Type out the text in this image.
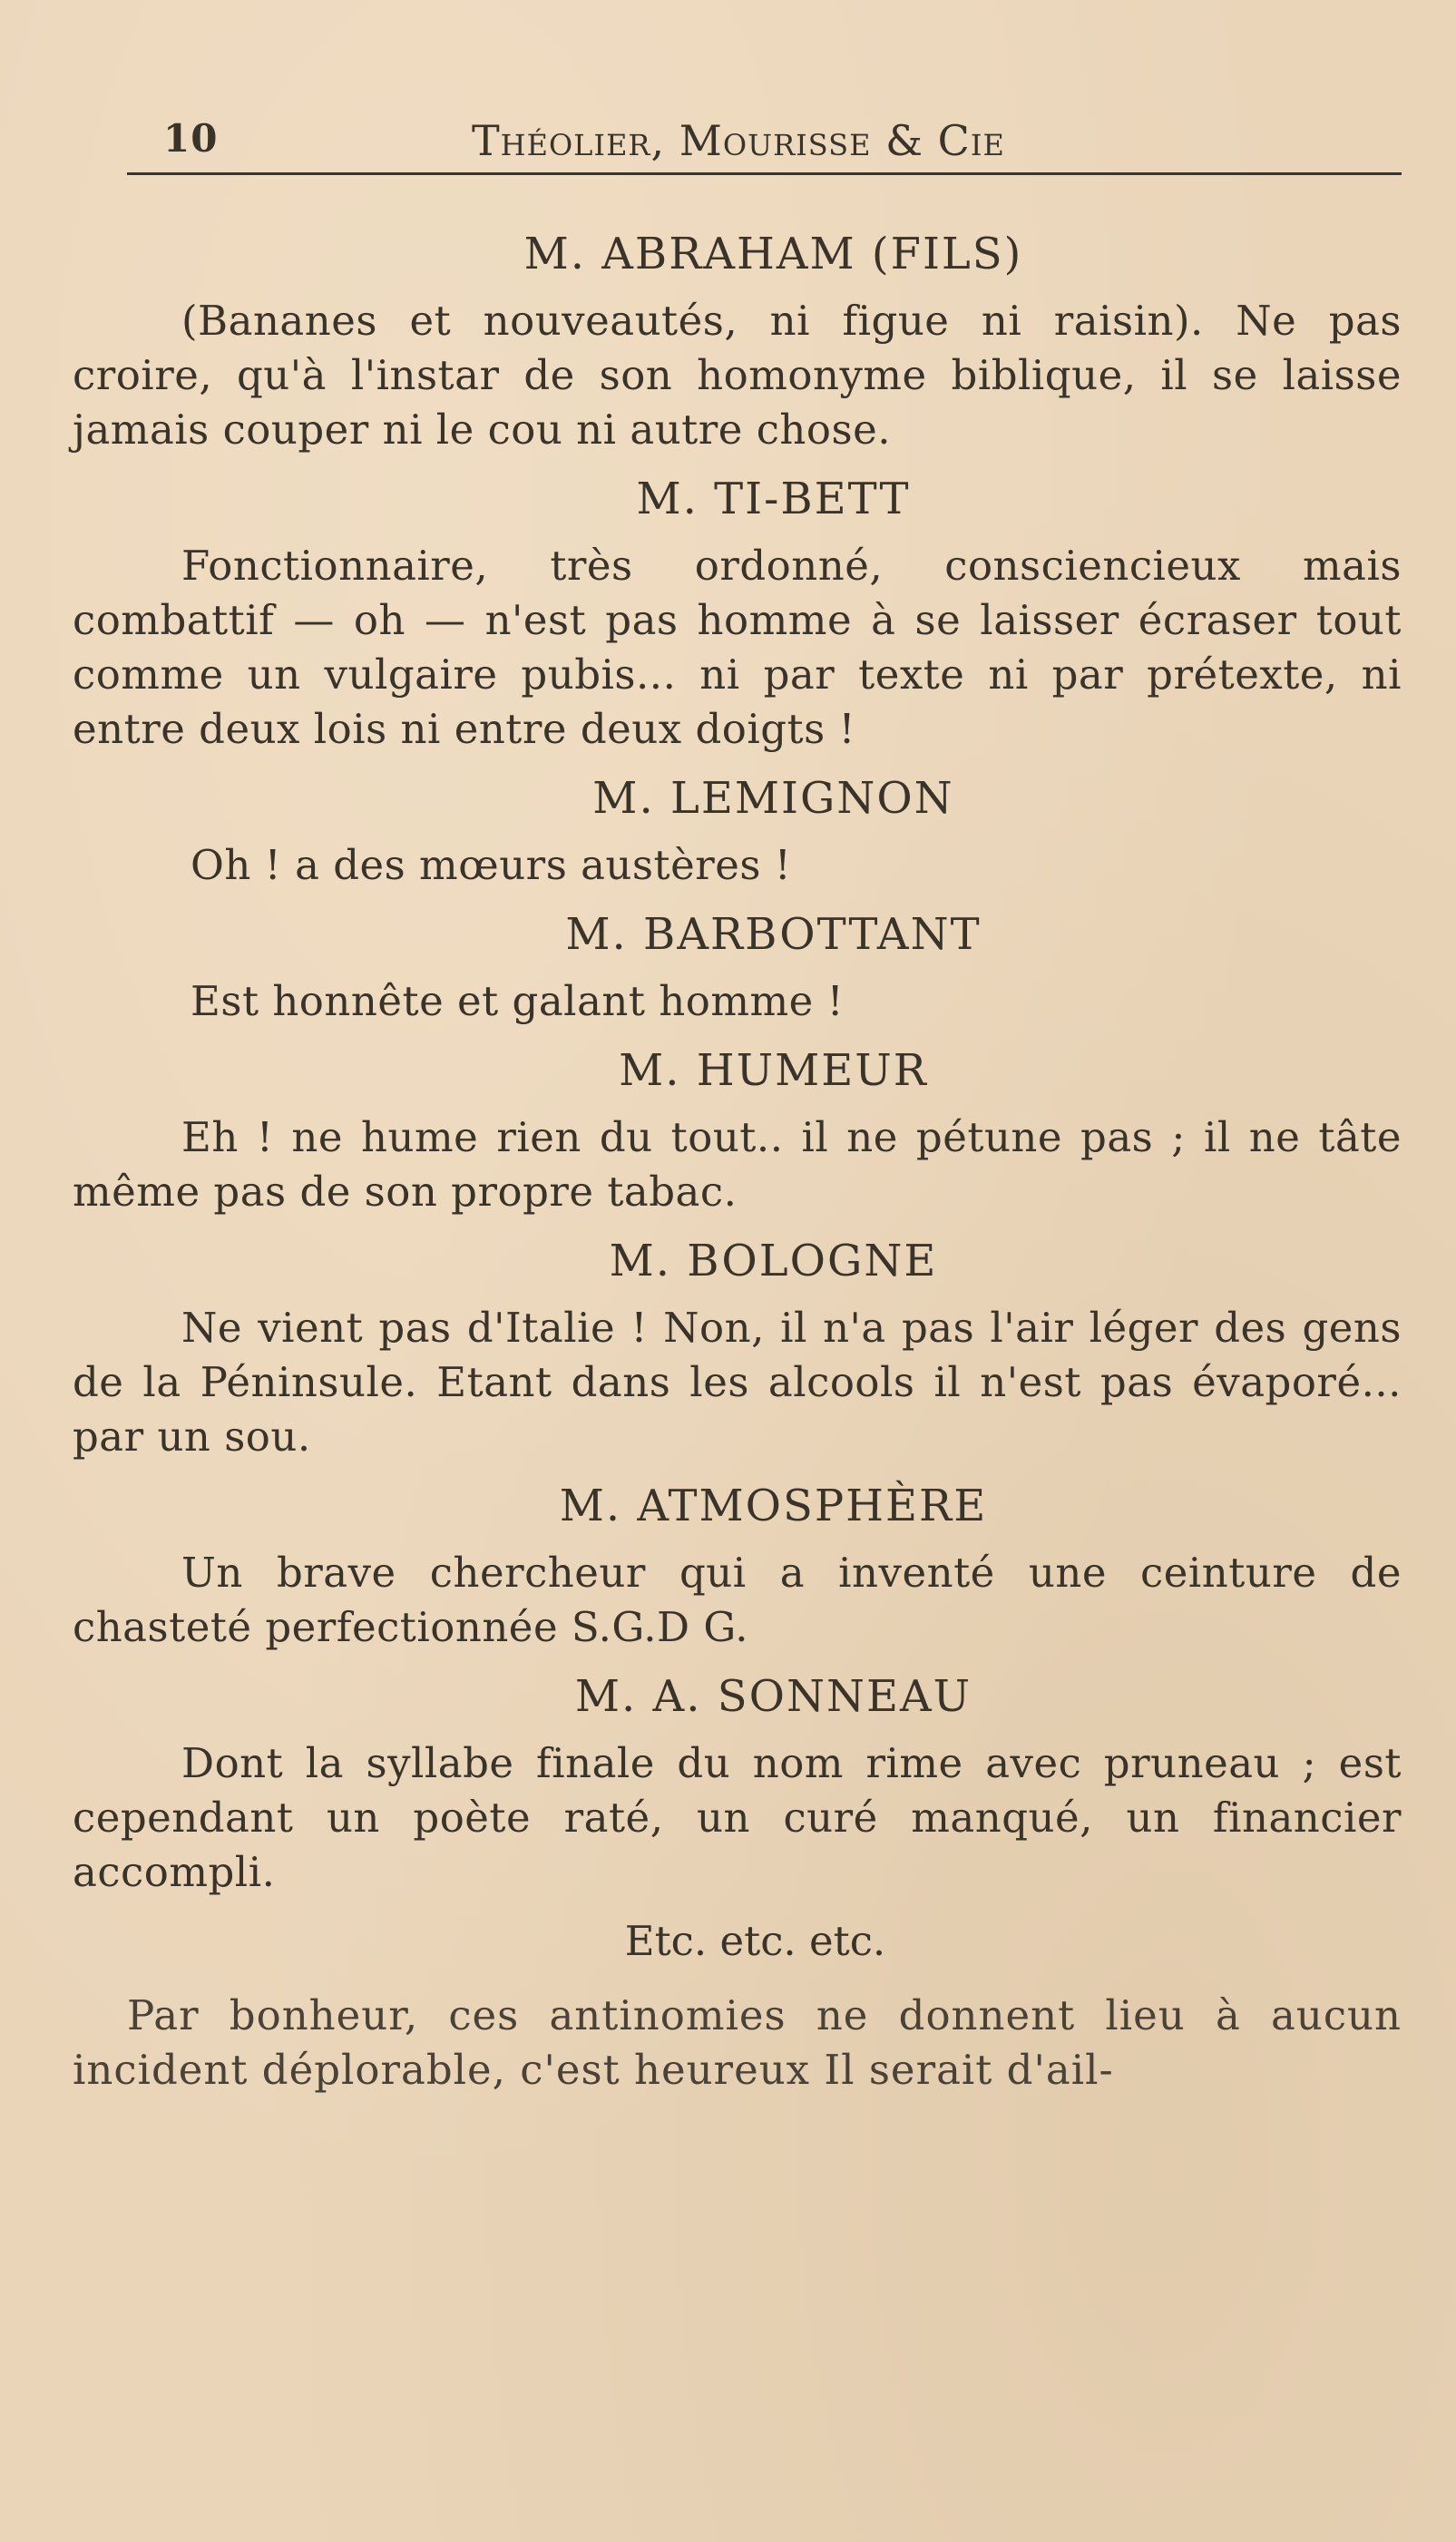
10	Théolier, Mourisse & Cie

M. ABRAHAM (FILS)

(Bananes et nouveautés, ni figue ni raisin). Ne pas croire, qu'à l'instar de son homonyme biblique, il se laisse jamais couper ni le cou ni autre chose.

M. TI-BETT

Fonctionnaire, très ordonné, consciencieux mais combattif — oh — n'est pas homme à se laisser écraser tout comme un vulgaire pubis... ni par texte ni par prétexte, ni entre deux lois ni entre deux doigts !

M. LEMIGNON

Oh ! a des mœurs austères !

M. BARBOTTANT

Est honnête et galant homme !

M. HUMEUR

Eh ! ne hume rien du tout.. il ne pétune pas ; il ne tâte même pas de son propre tabac.

M. BOLOGNE

Ne vient pas d'Italie ! Non, il n'a pas l'air léger des gens de la Péninsule. Etant dans les alcools il n'est pas évaporé... par un sou.

M. ATMOSPHÈRE

Un brave chercheur qui a inventé une ceinture de chasteté perfectionnée S.G.D G.

M. A. SONNEAU

Dont la syllabe finale du nom rime avec pruneau ; est cependant un poète raté, un curé manqué, un financier accompli.

Etc. etc. etc.

Par bonheur, ces antinomies ne donnent lieu à aucun incident déplorable, c'est heureux Il serait d'ail-
